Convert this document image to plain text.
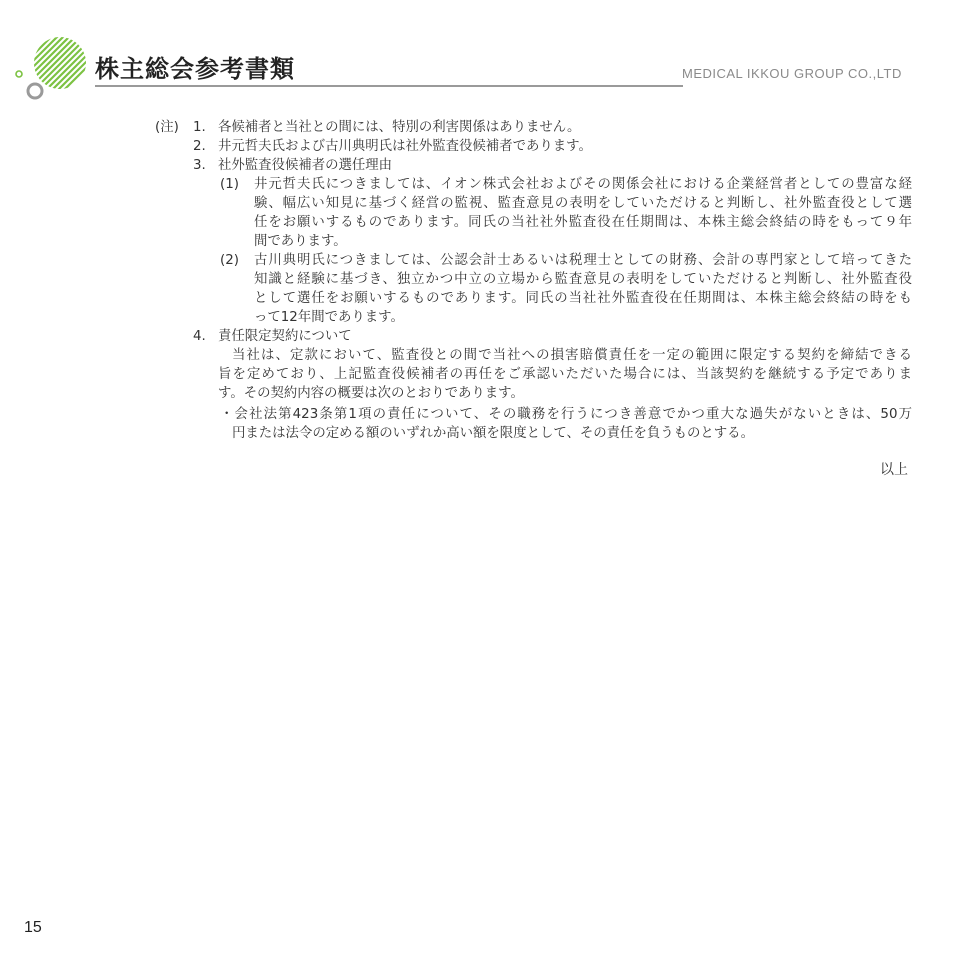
株主総会参考書類	MEDICAL IKKOU GROUP CO.,LTD
(注) 1. 各候補者と当社との間には、特別の利害関係はありません。
2. 井元哲夫氏および古川典明氏は社外監査役候補者であります。
3. 社外監査役候補者の選任理由
(1) 井元哲夫氏につきましては、イオン株式会社およびその関係会社における企業経営者としての豊富な経
験、幅広い知見に基づく経営の監視、監査意見の表明をしていただけると判断し、社外監査役として選
任をお願いするものであります。同氏の当社社外監査役在任期間は、本株主総会終結の時をもって９年
間であります。
(2) 古川典明氏につきましては、公認会計士あるいは税理士としての財務、会計の専門家として培ってきた
知識と経験に基づき、独立かつ中立の立場から監査意見の表明をしていただけると判断し、社外監査役
として選任をお願いするものであります。同氏の当社社外監査役在任期間は、本株主総会終結の時をも
って12年間であります。
4. 責任限定契約について
当社は、定款において、監査役との間で当社への損害賠償責任を一定の範囲に限定する契約を締結できる
旨を定めており、上記監査役候補者の再任をご承認いただいた場合には、当該契約を継続する予定でありま
す。その契約内容の概要は次のとおりであります。
・会社法第423条第1項の責任について、その職務を行うにつき善意でかつ重大な過失がないときは、50万
円または法令の定める額のいずれか高い額を限度として、その責任を負うものとする。
以上
15
